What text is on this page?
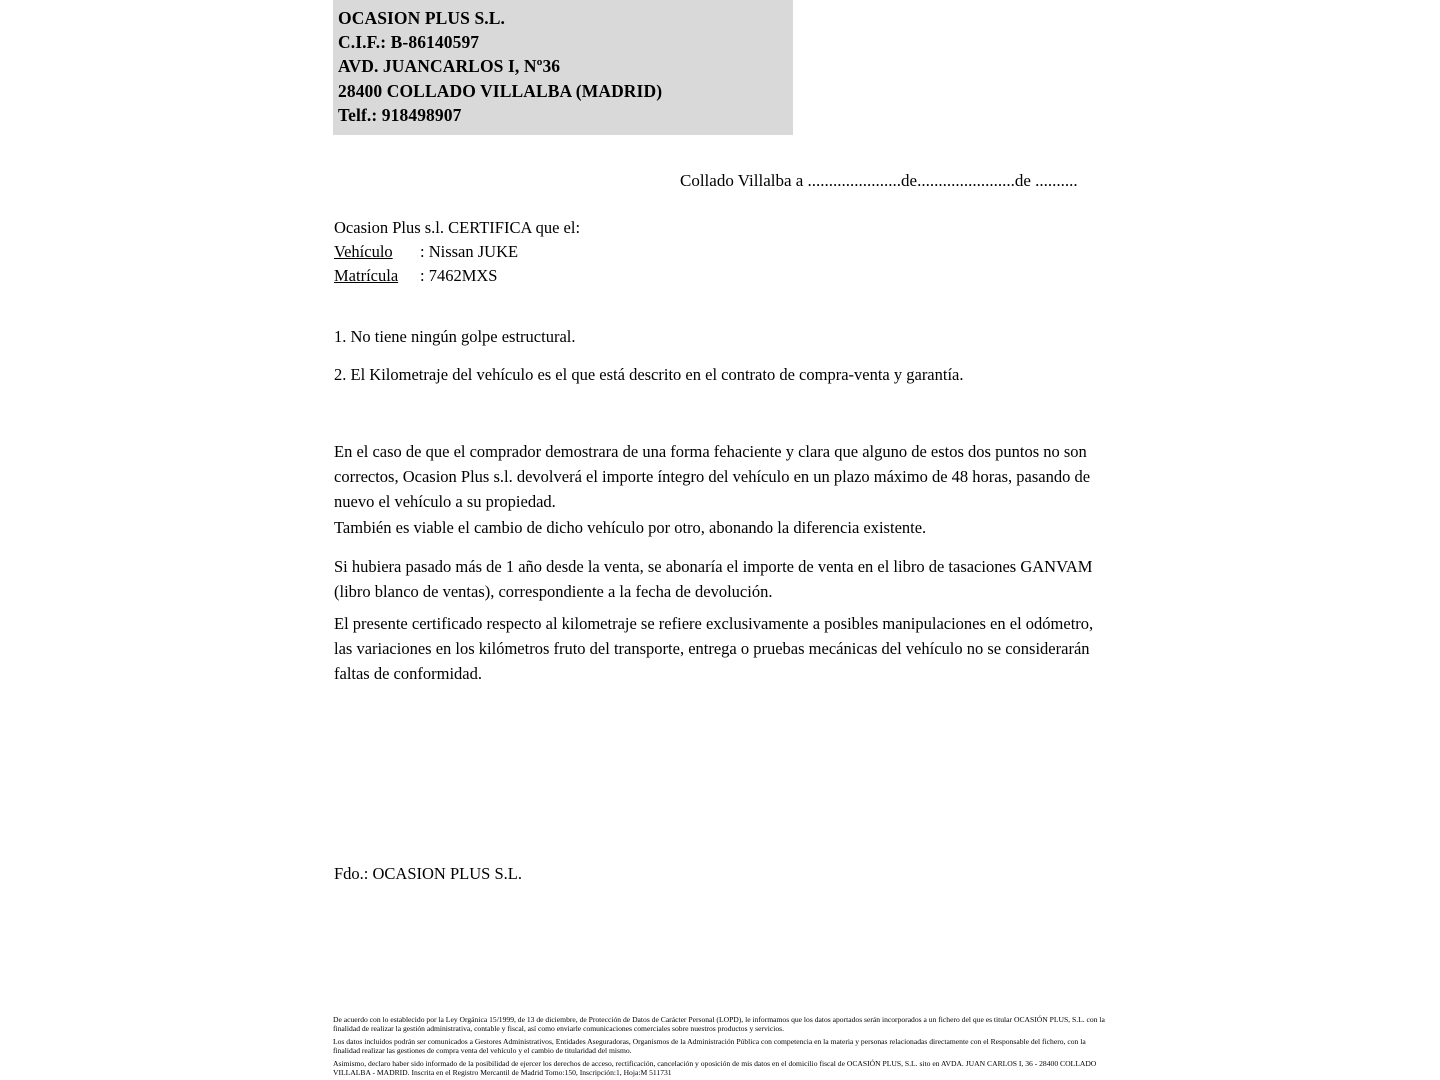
OCASION PLUS S.L.
C.I.F.: B-86140597
AVD. JUANCARLOS I, Nº36
28400 COLLADO VILLALBA (MADRID)
Telf.: 918498907
Collado Villalba a ......................de.......................de ..........
Ocasion Plus s.l. CERTIFICA que el:
Vehículo : Nissan JUKE
Matrícula : 7462MXS
1. No tiene ningún golpe estructural.
2. El Kilometraje del vehículo es el que está descrito en el contrato de compra-venta y garantía.
En el caso de que el comprador demostrara de una forma fehaciente y clara que alguno de estos dos puntos no son correctos, Ocasion Plus s.l. devolverá el importe íntegro del vehículo en un plazo máximo de 48 horas, pasando de nuevo el vehículo a su propiedad.
También es viable el cambio de dicho vehículo por otro, abonando la diferencia existente.
Si hubiera pasado más de 1 año desde la venta, se abonaría el importe de venta en el libro de tasaciones GANVAM (libro blanco de ventas), correspondiente a la fecha de devolución.
El presente certificado respecto al kilometraje se refiere exclusivamente a posibles manipulaciones en el odómetro, las variaciones en los kilómetros fruto del transporte, entrega o pruebas mecánicas del vehículo no se considerarán faltas de conformidad.
Fdo.: OCASION PLUS S.L.

De acuerdo con lo establecido por la Ley Orgánica 15/1999, de 13 de diciembre, de Protección de Datos de Carácter Personal (LOPD), le informamos que los datos aportados serán incorporados a un fichero del que es titular OCASIÓN PLUS, S.L. con la finalidad de realizar la gestión administrativa, contable y fiscal, así como enviarle comunicaciones comerciales sobre nuestros productos y servicios.

Los datos incluidos podrán ser comunicados a Gestores Administrativos, Entidades Aseguradoras, Organismos de la Administración Pública con competencia en la materia y personas relacionadas directamente con el Responsable del fichero, con la finalidad realizar las gestiones de compra venta del vehículo y el cambio de titularidad del mismo.

Asimismo, declaro haber sido informado de la posibilidad de ejercer los derechos de acceso, rectificación, cancelación y oposición de mis datos en el domicilio fiscal de OCASIÓN PLUS, S.L. sito en AVDA. JUAN CARLOS I, 36 - 28400 COLLADO VILLALBA - MADRID. Inscrita en el Registro Mercantil de Madrid Tomo:150, Inscripción:1, Hoja:M 511731
